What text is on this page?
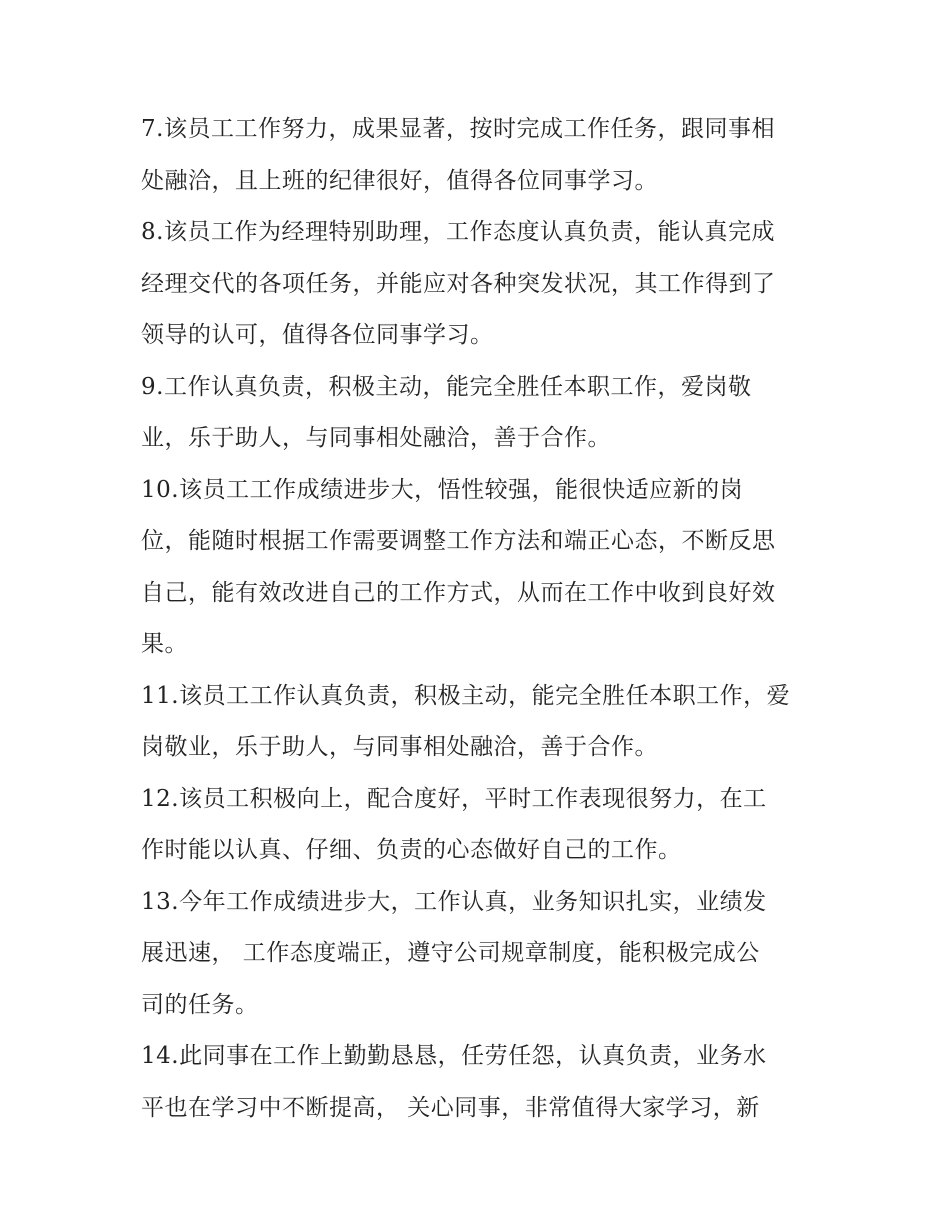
7.该员工工作努力，成果显著，按时完成工作任务，跟同事相
处融洽，且上班的纪律很好，值得各位同事学习。

8.该员工作为经理特别助理，工作态度认真负责，能认真完成
经理交代的各项任务，并能应对各种突发状况，其工作得到了
领导的认可，值得各位同事学习。

9.工作认真负责，积极主动，能完全胜任本职工作，爱岗敬
业，乐于助人，与同事相处融洽，善于合作。

10.该员工工作成绩进步大，悟性较强，能很快适应新的岗
位，能随时根据工作需要调整工作方法和端正心态，不断反思
自己，能有效改进自己的工作方式，从而在工作中收到良好效
果。

11.该员工工作认真负责，积极主动，能完全胜任本职工作，爱
岗敬业，乐于助人，与同事相处融洽，善于合作。

12.该员工积极向上，配合度好，平时工作表现很努力，在工
作时能以认真、仔细、负责的心态做好自己的工作。

13.今年工作成绩进步大，工作认真，业务知识扎实，业绩发
展迅速， 工作态度端正，遵守公司规章制度，能积极完成公
司的任务。

14.此同事在工作上勤勤恳恳，任劳任怨，认真负责，业务水
平也在学习中不断提高， 关心同事，非常值得大家学习，新
